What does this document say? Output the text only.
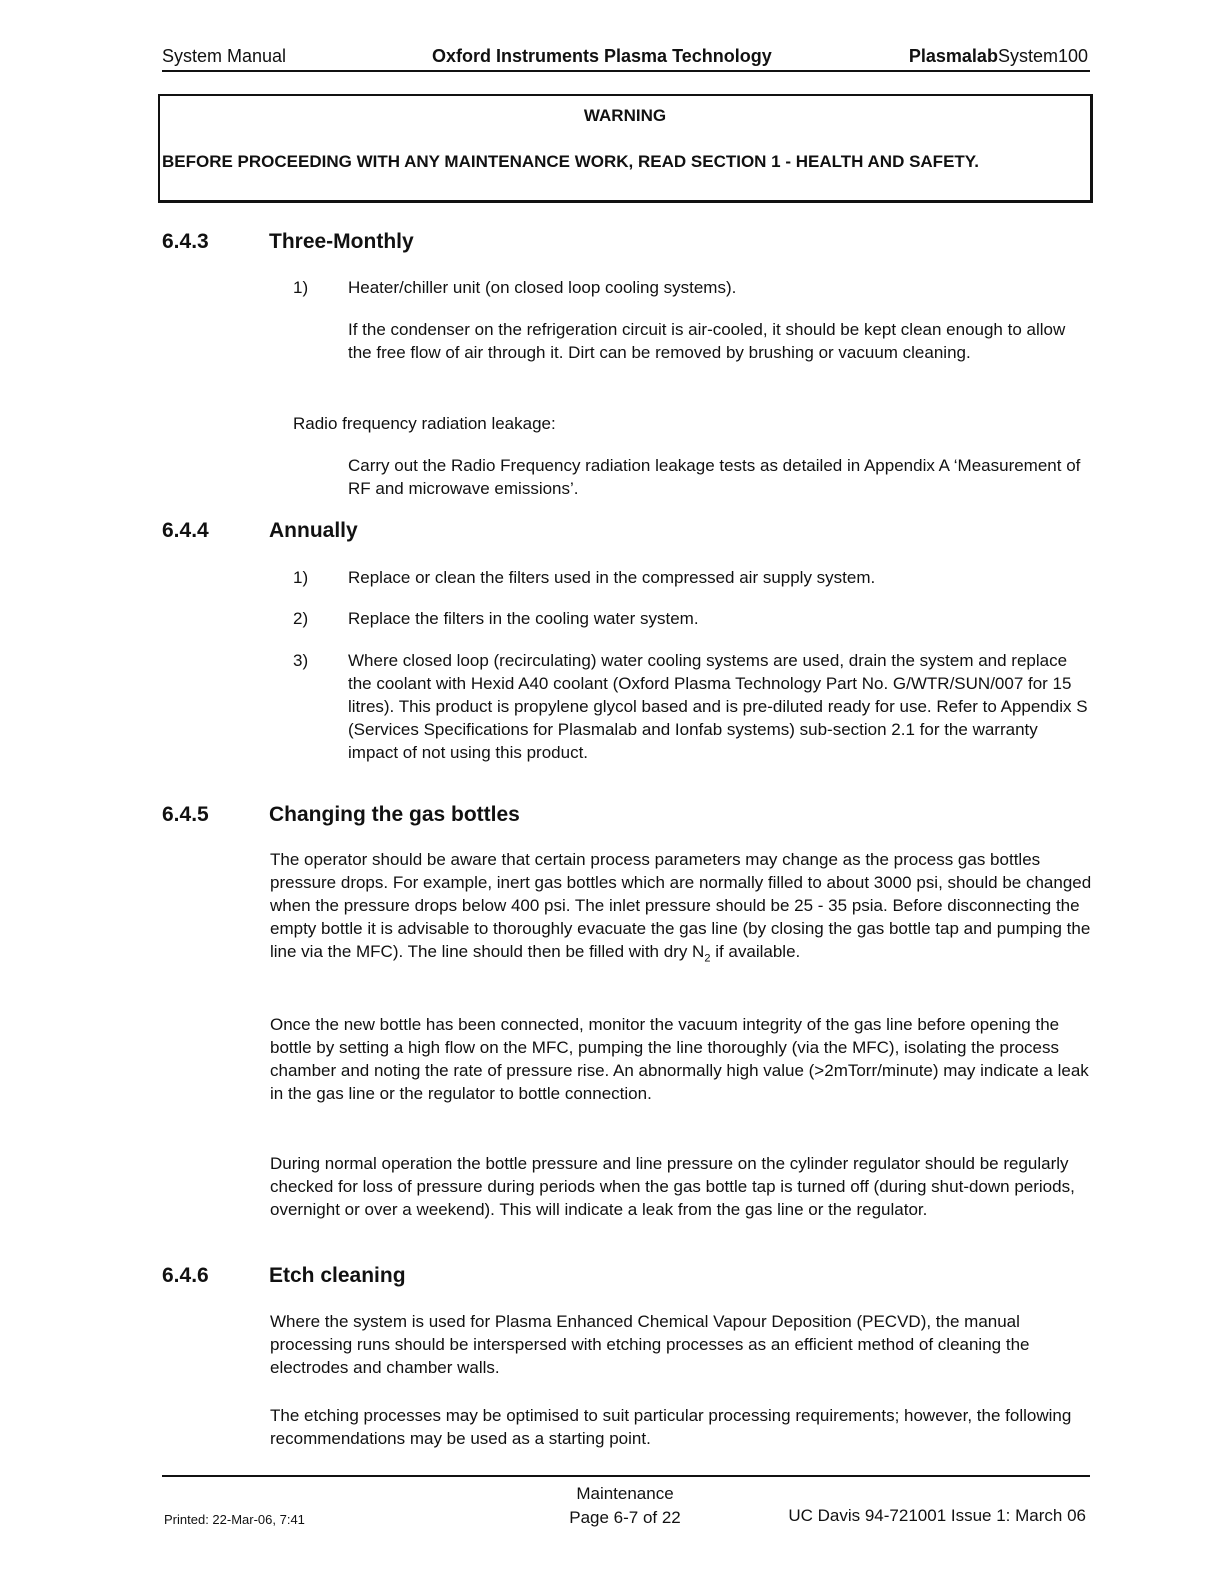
System Manual	Oxford Instruments Plasma Technology	PlasmalabSystem100
WARNING
BEFORE PROCEEDING WITH ANY MAINTENANCE WORK, READ SECTION 1 - HEALTH AND SAFETY.
6.4.3	Three-Monthly
1) Heater/chiller unit (on closed loop cooling systems).
If the condenser on the refrigeration circuit is air-cooled, it should be kept clean enough to allow the free flow of air through it. Dirt can be removed by brushing or vacuum cleaning.
Radio frequency radiation leakage:
Carry out the Radio Frequency radiation leakage tests as detailed in Appendix A ‘Measurement of RF and microwave emissions’.
6.4.4	Annually
1) Replace or clean the filters used in the compressed air supply system.
2) Replace the filters in the cooling water system.
3) Where closed loop (recirculating) water cooling systems are used, drain the system and replace the coolant with Hexid A40 coolant (Oxford Plasma Technology Part No. G/WTR/SUN/007 for 15 litres). This product is propylene glycol based and is pre-diluted ready for use. Refer to Appendix S (Services Specifications for Plasmalab and Ionfab systems) sub-section 2.1 for the warranty impact of not using this product.
6.4.5	Changing the gas bottles
The operator should be aware that certain process parameters may change as the process gas bottles pressure drops. For example, inert gas bottles which are normally filled to about 3000 psi, should be changed when the pressure drops below 400 psi. The inlet pressure should be 25 - 35 psia. Before disconnecting the empty bottle it is advisable to thoroughly evacuate the gas line (by closing the gas bottle tap and pumping the line via the MFC). The line should then be filled with dry $N_2$ if available.
Once the new bottle has been connected, monitor the vacuum integrity of the gas line before opening the bottle by setting a high flow on the MFC, pumping the line thoroughly (via the MFC), isolating the process chamber and noting the rate of pressure rise. An abnormally high value (>2mTorr/minute) may indicate a leak in the gas line or the regulator to bottle connection.
During normal operation the bottle pressure and line pressure on the cylinder regulator should be regularly checked for loss of pressure during periods when the gas bottle tap is turned off (during shut-down periods, overnight or over a weekend). This will indicate a leak from the gas line or the regulator.
6.4.6	Etch cleaning
Where the system is used for Plasma Enhanced Chemical Vapour Deposition (PECVD), the manual processing runs should be interspersed with etching processes as an efficient method of cleaning the electrodes and chamber walls.
The etching processes may be optimised to suit particular processing requirements; however, the following recommendations may be used as a starting point.
Printed: 22-Mar-06, 7:41
Maintenance
Page 6-7 of 22	UC Davis 94-721001 Issue 1: March 06
